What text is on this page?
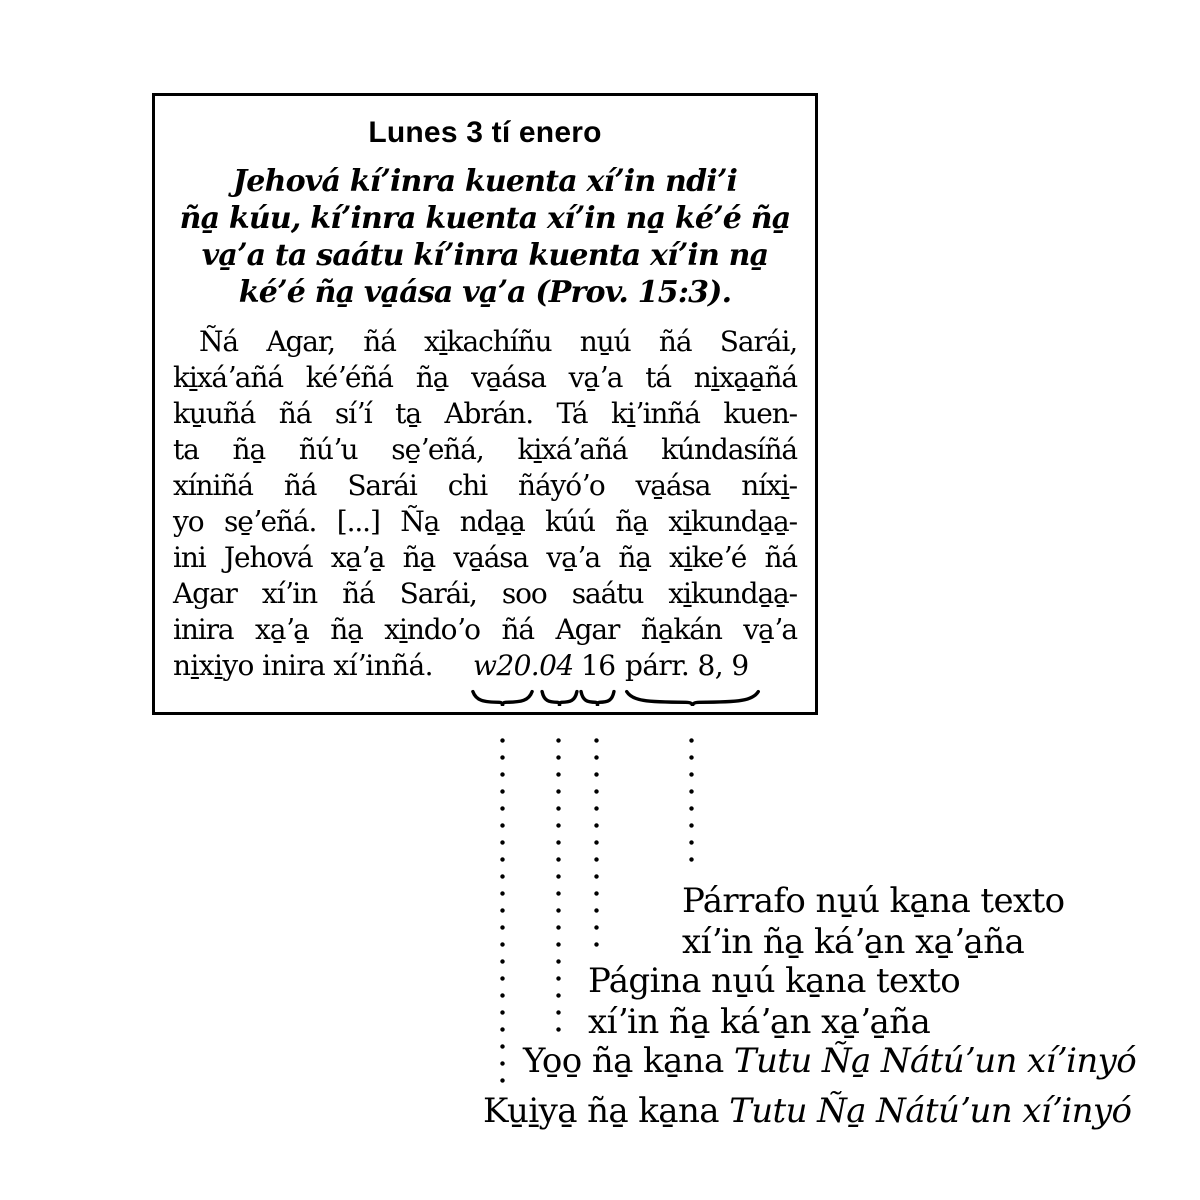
Lunes 3 tí enero
Jehová kíʼinra kuenta xíʼin ndiʼi
ña̱ kúu, kíʼinra kuenta xíʼin na̱ kéʼé ña̱
va̱ʼa ta saátu kíʼinra kuenta xíʼin na̱
kéʼé ña̱ va̱ása va̱ʼa (Prov. 15:3).
Ñá Agar, ñá xi̱kachíñu nu̱ú ñá Sarái,
ki̱xáʼañá kéʼéñá ña̱ va̱ása va̱ʼa tá ni̱xa̱a̱ñá
ku̱uñá ñá síʼí ta̱ Abrán. Tá ki̱ʼinñá kuen-
ta ña̱ ñúʼu se̱ʼeñá, ki̱xáʼañá kúndasíñá
xíniñá ñá Sarái chi ñáyóʼo va̱ása níxi̱-
yo se̱ʼeñá. [...] Ña̱ nda̱a̱ kúú ña̱ xi̱kunda̱a̱-
ini Jehová xa̱ʼa̱ ña̱ va̱ása va̱ʼa ña̱ xi̱keʼé ñá
Agar xíʼin ñá Sarái, soo saátu xi̱kunda̱a̱-
inira xa̱ʼa̱ ña̱ xi̱ndoʼo ñá Agar ña̱kán va̱ʼa
ni̱xi̱yo inira xíʼinñá. w20.04 16 párr. 8, 9
Párrafo nu̱ú ka̱na texto
xíʼin ña̱ káʼa̱n xa̱ʼa̱ña
Página nu̱ú ka̱na texto
xíʼin ña̱ káʼa̱n xa̱ʼa̱ña
Yo̱o̱ ña̱ ka̱na Tutu Ña̱ Nátúʼun xíʼinyó
Ku̱i̱ya̱ ña̱ ka̱na Tutu Ña̱ Nátúʼun xíʼinyó
